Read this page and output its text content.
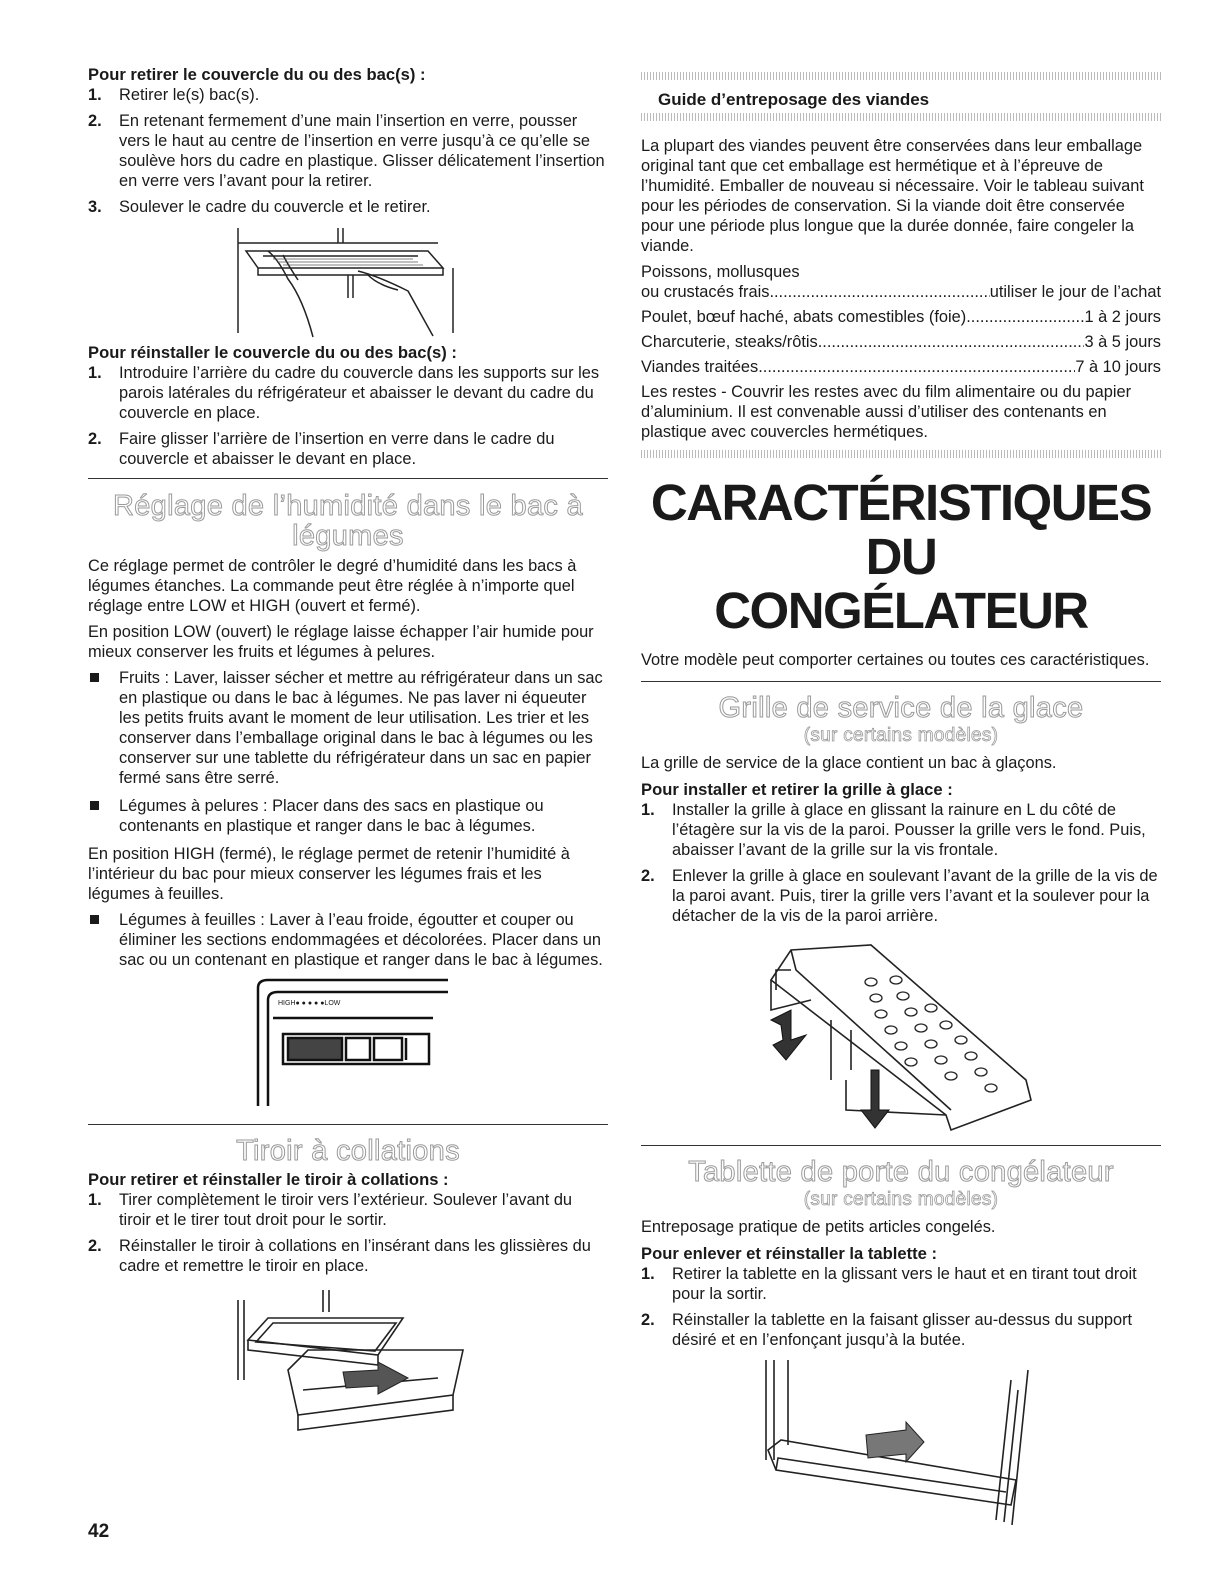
Pour retirer le couvercle du ou des bac(s) :
1. Retirer le(s) bac(s).
2. En retenant fermement d’une main l’insertion en verre, pousser vers le haut au centre de l’insertion en verre jusqu’à ce qu’elle se soulève hors du cadre en plastique. Glisser délicatement l’insertion en verre vers l’avant pour la retirer.
3. Soulever le cadre du couvercle et le retirer.
Pour réinstaller le couvercle du ou des bac(s) :
1. Introduire l’arrière du cadre du couvercle dans les supports sur les parois latérales du réfrigérateur et abaisser le devant du cadre du couvercle en place.
2. Faire glisser l’arrière de l’insertion en verre dans le cadre du couvercle et abaisser le devant en place.
Réglage de l’humidité dans le bac à
légumes

Ce réglage permet de contrôler le degré d’humidité dans les bacs à légumes étanches. La commande peut être réglée à n’importe quel réglage entre LOW et HIGH (ouvert et fermé).

En position LOW (ouvert) le réglage laisse échapper l’air humide pour mieux conserver les fruits et légumes à pelures.

Fruits : Laver, laisser sécher et mettre au réfrigérateur dans un sac en plastique ou dans le bac à légumes. Ne pas laver ni équeuter les petits fruits avant le moment de leur utilisation. Les trier et les conserver dans l’emballage original dans le bac à légumes ou les conserver sur une tablette du réfrigérateur dans un sac en papier fermé sans être serré.
Légumes à pelures : Placer dans des sacs en plastique ou contenants en plastique et ranger dans le bac à légumes.

En position HIGH (fermé), le réglage permet de retenir l’humidité à l’intérieur du bac pour mieux conserver les légumes frais et les légumes à feuilles.

Légumes à feuilles : Laver à l’eau froide, égoutter et couper ou éliminer les sections endommagées et décolorées. Placer dans un sac ou un contenant en plastique et ranger dans le bac à légumes.
HIGH● ● ● ● ●LOW
Tiroir à collations
Pour retirer et réinstaller le tiroir à collations :
1. Tirer complètement le tiroir vers l’extérieur. Soulever l’avant du tiroir et le tirer tout droit pour le sortir.
2. Réinstaller le tiroir à collations en l’insérant dans les glissières du cadre et remettre le tiroir en place.
Guide d’entreposage des viandes

La plupart des viandes peuvent être conservées dans leur emballage original tant que cet emballage est hermétique et à l’épreuve de l’humidité. Emballer de nouveau si nécessaire. Voir le tableau suivant pour les périodes de conservation. Si la viande doit être conservée pour une période plus longue que la durée donnée, faire congeler la viande.

Poissons, mollusques

ou crustacés frais .....	utiliser le jour de l’achat
Poulet, bœuf haché, abats comestibles (foie) .....	1 à 2 jours
Charcuterie, steaks/rôtis .....	3 à 5 jours
Viandes traitées .....	7 à 10 jours

Les restes - Couvrir les restes avec du film alimentaire ou du papier d’aluminium. Il est convenable aussi d’utiliser des contenants en plastique avec couvercles hermétiques.

CARACTÉRISTIQUES DU
CONGÉLATEUR

Votre modèle peut comporter certaines ou toutes ces caractéristiques.

Grille de service de la glace
(sur certains modèles)

La grille de service de la glace contient un bac à glaçons.

Pour installer et retirer la grille à glace :
1. Installer la grille à glace en glissant la rainure en L du côté de l’étagère sur la vis de la paroi. Pousser la grille vers le fond. Puis, abaisser l’avant de la grille sur la vis frontale.
2. Enlever la grille à glace en soulevant l’avant de la grille de la vis de la paroi avant. Puis, tirer la grille vers l’avant et la soulever pour la détacher de la vis de la paroi arrière.
Tablette de porte du congélateur
(sur certains modèles)

Entreposage pratique de petits articles congelés.

Pour enlever et réinstaller la tablette :
1. Retirer la tablette en la glissant vers le haut et en tirant tout droit pour la sortir.
2. Réinstaller la tablette en la faisant glisser au-dessus du support désiré et en l’enfonçant jusqu’à la butée.
42
